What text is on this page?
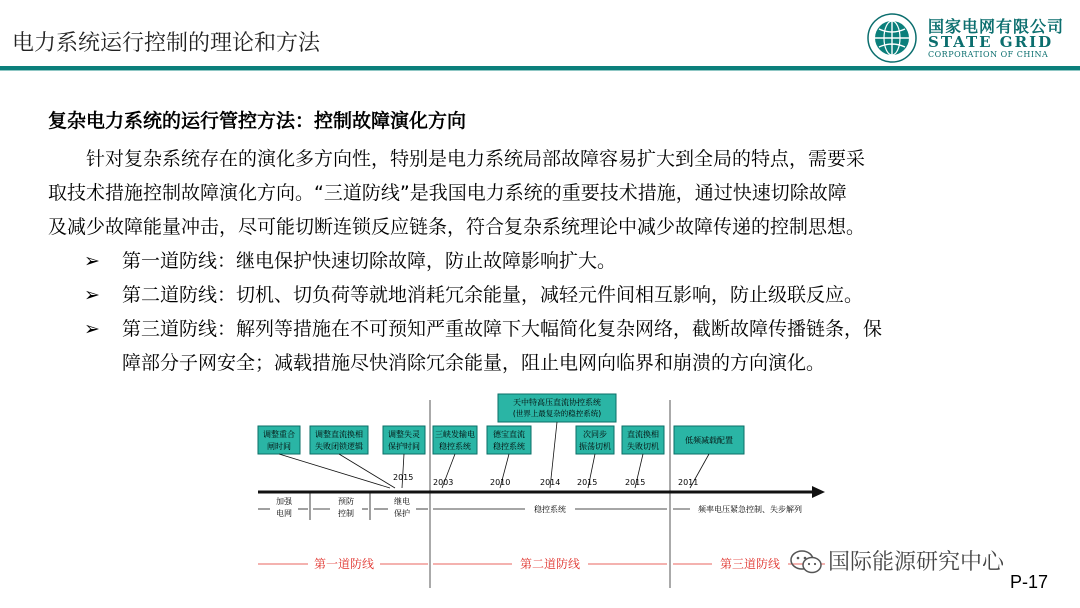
电力系统运行控制的理论和方法
国家电网有限公司
STATE GRID
CORPORATION OF CHINA
复杂电力系统的运行管控方法：控制故障演化方向
针对复杂系统存在的演化多方向性，特别是电力系统局部故障容易扩大到全局的特点，需要采
取技术措施控制故障演化方向。“三道防线”是我国电力系统的重要技术措施，通过快速切除故障
及减少故障能量冲击，尽可能切断连锁反应链条，符合复杂系统理论中减少故障传递的控制思想。
➢ 第一道防线：继电保护快速切除故障，防止故障影响扩大。
➢ 第二道防线：切机、切负荷等就地消耗冗余能量，减轻元件间相互影响，防止级联反应。
➢ 第三道防线：解列等措施在不可预知严重故障下大幅简化复杂网络，截断故障传播链条，保
障部分子网安全；减载措施尽快消除冗余能量，阻止电网向临界和崩溃的方向演化。
天中特高压直流协控系统
(世界上最复杂的稳控系统)
调整重合
闸时间
调整直流换相
失败闭锁逻辑
调整失灵
保护时间
三峡发输电
稳控系统
德宝直流
稳控系统
次同步
振荡切机
直流换相
失败切机
低频减载配置
2015
2003	2010	2014 2015	2015	2011
加强
电网
预防
控制
继电
保护	稳控系统	频率电压紧急控制、失步解列
第一道防线	第二道防线	第三道防线 国际能源研究中心
P-17
